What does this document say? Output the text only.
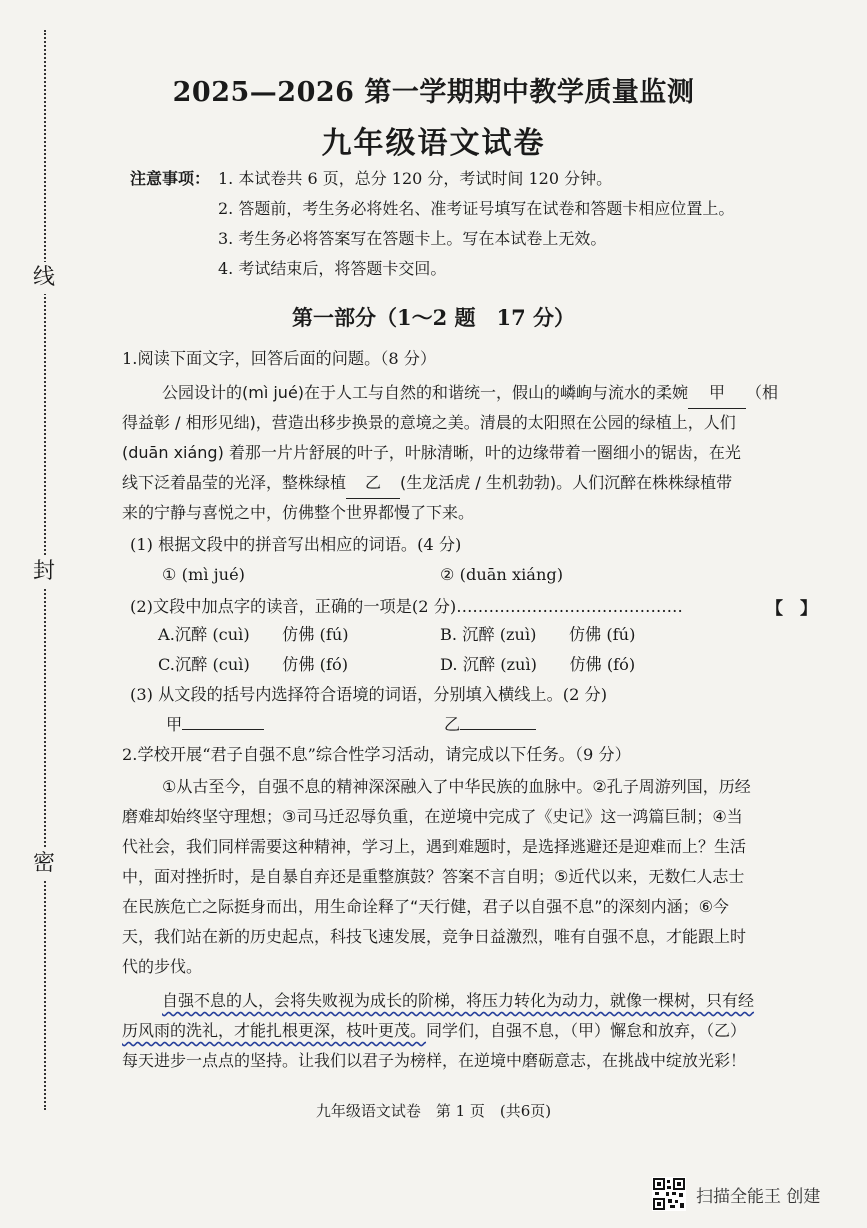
线
封
密
2025—2026 第一学期期中教学质量监测
九年级语文试卷
注意事项： 1. 本试卷共 6 页，总分 120 分，考试时间 120 分钟。
2. 答题前，考生务必将姓名、准考证号填写在试卷和答题卡相应位置上。
3. 考生务必将答案写在答题卡上。写在本试卷上无效。
4. 考试结束后，将答题卡交回。
第一部分（1～2 题　17 分）
1.阅读下面文字，回答后面的问题。（8 分）
公园设计的(mì jué)在于人工与自然的和谐统一，假山的嶙峋与流水的柔婉 甲 （相
得益彰 / 相形见绌)，营造出移步换景的意境之美。清晨的太阳照在公园的绿植上，人们
(duān xiáng) 着那一片片舒展的叶子，叶脉清晰，叶的边缘带着一圈细小的锯齿，在光
线下泛着晶莹的光泽，整株绿植 乙 (生龙活虎 / 生机勃勃)。人们沉醉在株株绿植带
来的宁静与喜悦之中，仿佛整个世界都慢了下来。
(1) 根据文段中的拼音写出相应的词语。(4 分)
① (mì jué)	② (duān xiáng)
(2)文段中加点字的读音，正确的一项是(2 分)……………………………………	【　】
A.沉醉 (cuì)　　仿佛 (fú)	B. 沉醉 (zuì)　　仿佛 (fú)
C.沉醉 (cuì)　　仿佛 (fó)	D. 沉醉 (zuì)　　仿佛 (fó)
(3) 从文段的括号内选择符合语境的词语，分别填入横线上。(2 分)
甲	乙
2.学校开展“君子自强不息”综合性学习活动，请完成以下任务。（9 分）
①从古至今，自强不息的精神深深融入了中华民族的血脉中。②孔子周游列国，历经
磨难却始终坚守理想；③司马迁忍辱负重，在逆境中完成了《史记》这一鸿篇巨制；④当
代社会，我们同样需要这种精神，学习上，遇到难题时，是选择逃避还是迎难而上？生活
中，面对挫折时，是自暴自弃还是重整旗鼓？答案不言自明；⑤近代以来，无数仁人志士
在民族危亡之际挺身而出，用生命诠释了“天行健，君子以自强不息”的深刻内涵；⑥今
天，我们站在新的历史起点，科技飞速发展，竞争日益激烈，唯有自强不息，才能跟上时
代的步伐。
自强不息的人，会将失败视为成长的阶梯，将压力转化为动力，就像一棵树，只有经
历风雨的洗礼，才能扎根更深，枝叶更茂。同学们，自强不息，（甲）懈怠和放弃，（乙）
每天进步一点点的坚持。让我们以君子为榜样，在逆境中磨砺意志，在挑战中绽放光彩！
九年级语文试卷　第 1 页　(共6页)
扫描全能王 创建
